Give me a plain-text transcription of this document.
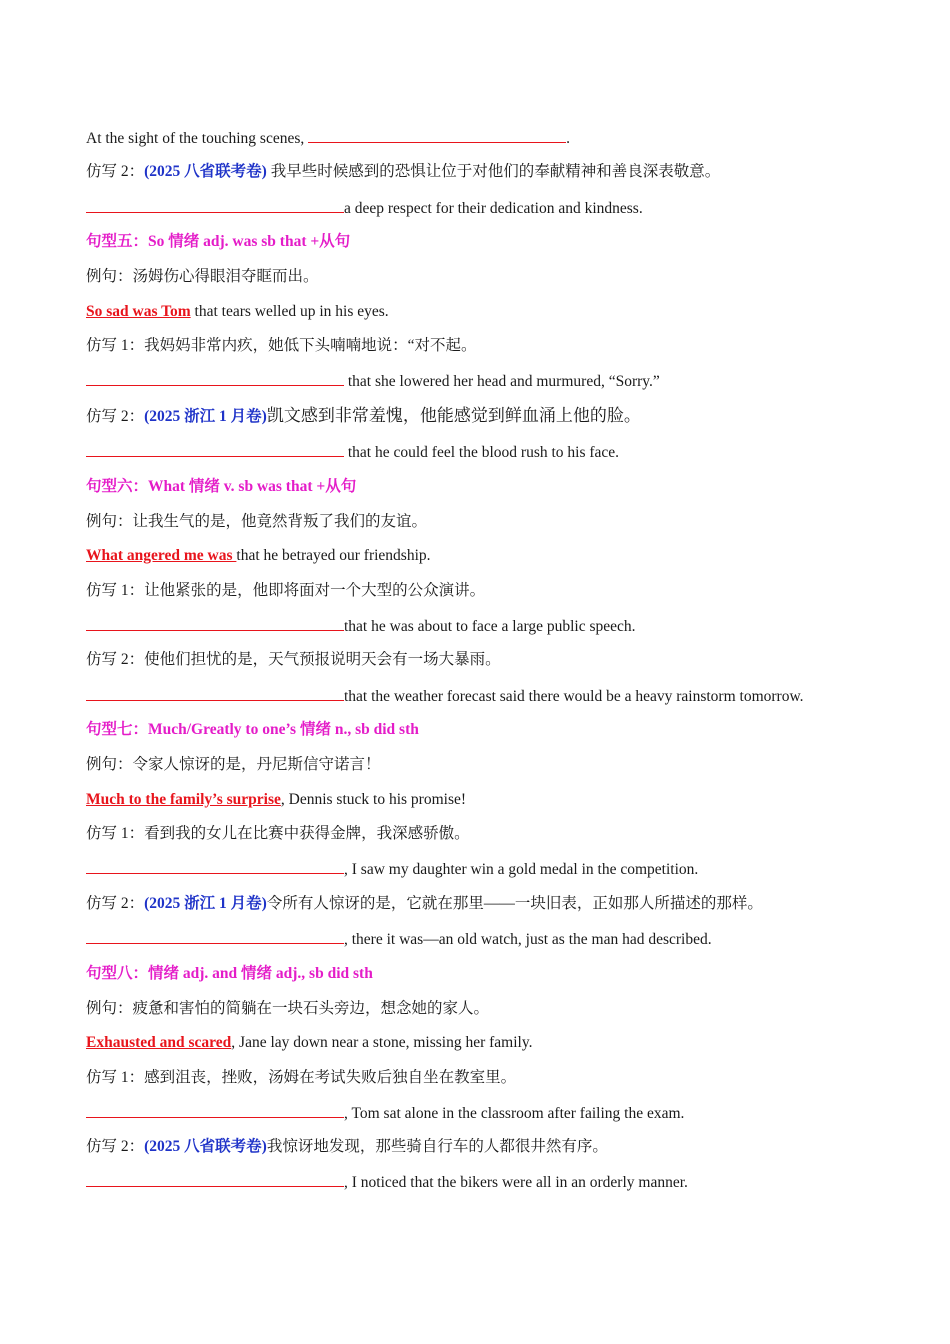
At the sight of the touching scenes,	.
仿写 2：(2025 八省联考卷) 我早些时候感到的恐惧让位于对他们的奉献精神和善良深表敬意。
a deep respect for their dedication and kindness.
句型五：So 情绪 adj. was sb that +从句
例句：汤姆伤心得眼泪夺眶而出。
So sad was Tom that tears welled up in his eyes.
仿写 1：我妈妈非常内疚，她低下头喃喃地说：“对不起。
that she lowered her head and murmured, “Sorry.”
仿写 2：(2025 浙江 1 月卷)凯文感到非常羞愧，他能感觉到鲜血涌上他的脸。
that he could feel the blood rush to his face.
句型六：What 情绪 v. sb was that +从句
例句：让我生气的是，他竟然背叛了我们的友谊。
What angered me was that he betrayed our friendship.
仿写 1：让他紧张的是，他即将面对一个大型的公众演讲。
that he was about to face a large public speech.
仿写 2：使他们担忧的是，天气预报说明天会有一场大暴雨。
that the weather forecast said there would be a heavy rainstorm tomorrow.
句型七：Much/Greatly to one’s 情绪 n., sb did sth
例句：令家人惊讶的是，丹尼斯信守诺言！
Much to the family’s surprise, Dennis stuck to his promise!
仿写 1：看到我的女儿在比赛中获得金牌，我深感骄傲。
, I saw my daughter win a gold medal in the competition.
仿写 2：(2025 浙江 1 月卷)令所有人惊讶的是，它就在那里——一块旧表，正如那人所描述的那样。
, there it was—an old watch, just as the man had described.
句型八：情绪 adj. and 情绪 adj., sb did sth
例句：疲惫和害怕的简躺在一块石头旁边，想念她的家人。
Exhausted and scared, Jane lay down near a stone, missing her family.
仿写 1：感到沮丧，挫败，汤姆在考试失败后独自坐在教室里。
, Tom sat alone in the classroom after failing the exam.
仿写 2：(2025 八省联考卷)我惊讶地发现，那些骑自行车的人都很井然有序。
, I noticed that the bikers were all in an orderly manner.
